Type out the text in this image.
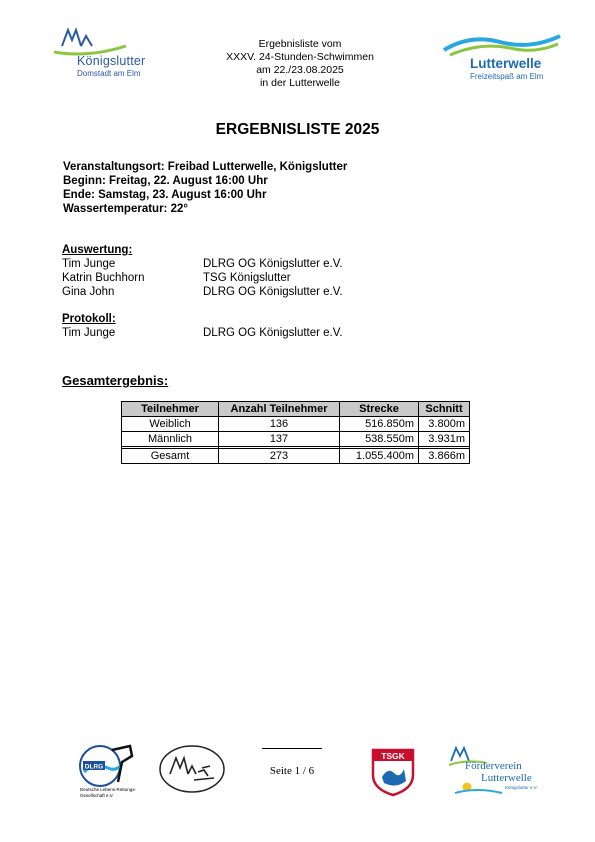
Königslutter
Domstadt am Elm
Ergebnisliste vom
XXXV. 24-Stunden-Schwimmen
am 22./23.08.2025
in der Lutterwelle
Lutterwelle
Freizeitspaß am Elm
ERGEBNISLISTE 2025
Veranstaltungsort: Freibad Lutterwelle, Königslutter
Beginn: Freitag, 22. August 16:00 Uhr
Ende: Samstag, 23. August 16:00 Uhr
Wassertemperatur: 22°
Auswertung:
Tim Junge	DLRG OG Königslutter e.V.
Katrin Buchhorn	TSG Königslutter
Gina John	DLRG OG Königslutter e.V.
Protokoll:
Tim Junge	DLRG OG Königslutter e.V.
Gesamtergebnis:
Teilnehmer	Anzahl Teilnehmer	Strecke	Schnitt
Weiblich	136	516.850m	3.800m
Männlich	137	538.550m	3.931m

Gesamt	273	1.055.400m	3.866m
DLRG
Deutsche Lebens-Rettungs-Gesellschaft e.V.
Seite 1 / 6
TSGK
Förderverein
Lutterwelle
Königslutter e.V.
